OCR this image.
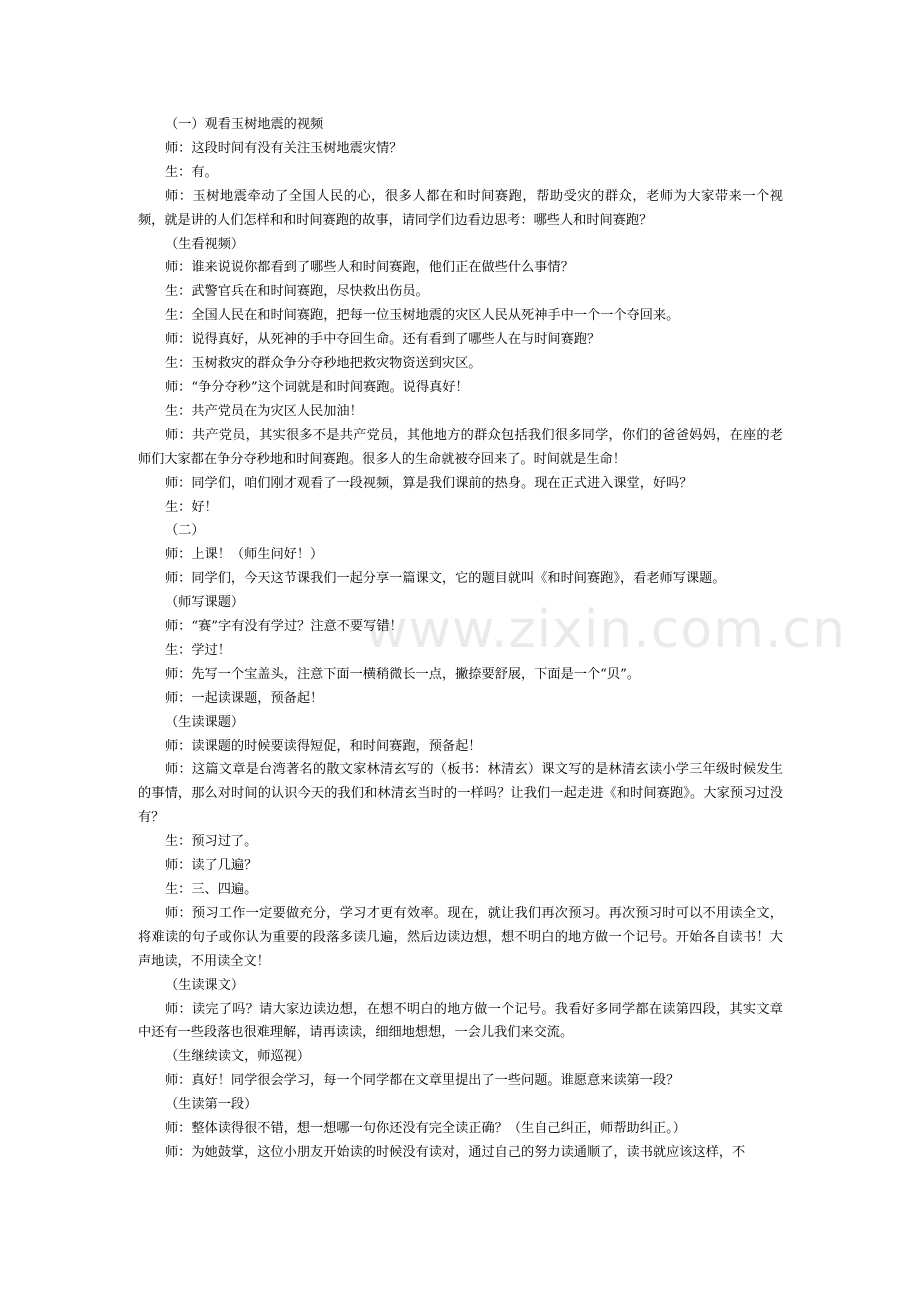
www.zixin.com.cn

（一）观看玉树地震的视频

师：这段时间有没有关注玉树地震灾情？

生：有。

师：玉树地震牵动了全国人民的心，很多人都在和时间赛跑，帮助受灾的群众，老师为大家带来一个视频，就是讲的人们怎样和和时间赛跑的故事，请同学们边看边思考：哪些人和时间赛跑？

（生看视频）

师：谁来说说你都看到了哪些人和时间赛跑，他们正在做些什么事情？

生：武警官兵在和时间赛跑，尽快救出伤员。

生：全国人民在和时间赛跑，把每一位玉树地震的灾区人民从死神手中一个一个夺回来。

师：说得真好，从死神的手中夺回生命。还有看到了哪些人在与时间赛跑？

生：玉树救灾的群众争分夺秒地把救灾物资送到灾区。

师：“争分夺秒”这个词就是和时间赛跑。说得真好！

生：共产党员在为灾区人民加油！

师：共产党员，其实很多不是共产党员，其他地方的群众包括我们很多同学，你们的爸爸妈妈，在座的老师们大家都在争分夺秒地和时间赛跑。很多人的生命就被夺回来了。时间就是生命！

师：同学们，咱们刚才观看了一段视频，算是我们课前的热身。现在正式进入课堂，好吗？

生：好！

（二）

师：上课！（师生问好！）

师：同学们，今天这节课我们一起分享一篇课文，它的题目就叫《和时间赛跑》，看老师写课题。

（师写课题）

师：“赛”字有没有学过？注意不要写错！

生：学过！

师：先写一个宝盖头，注意下面一横稍微长一点，撇捺要舒展，下面是一个“贝”。

师：一起读课题，预备起！

（生读课题）

师：读课题的时候要读得短促，和时间赛跑，预备起！

师：这篇文章是台湾著名的散文家林清玄写的（板书：林清玄）课文写的是林清玄读小学三年级时候发生的事情，那么对时间的认识今天的我们和林清玄当时的一样吗？让我们一起走进《和时间赛跑》。大家预习过没有？

生：预习过了。

师：读了几遍？

生：三、四遍。

师：预习工作一定要做充分，学习才更有效率。现在，就让我们再次预习。再次预习时可以不用读全文，将难读的句子或你认为重要的段落多读几遍，然后边读边想，想不明白的地方做一个记号。开始各自读书！大声地读，不用读全文！

（生读课文）

师：读完了吗？请大家边读边想，在想不明白的地方做一个记号。我看好多同学都在读第四段，其实文章中还有一些段落也很难理解，请再读读，细细地想想，一会儿我们来交流。

（生继续读文，师巡视）

师：真好！同学很会学习，每一个同学都在文章里提出了一些问题。谁愿意来读第一段？

（生读第一段）

师：整体读得很不错，想一想哪一句你还没有完全读正确？（生自己纠正，师帮助纠正。）

师：为她鼓掌，这位小朋友开始读的时候没有读对，通过自己的努力读通顺了，读书就应该这样，不
